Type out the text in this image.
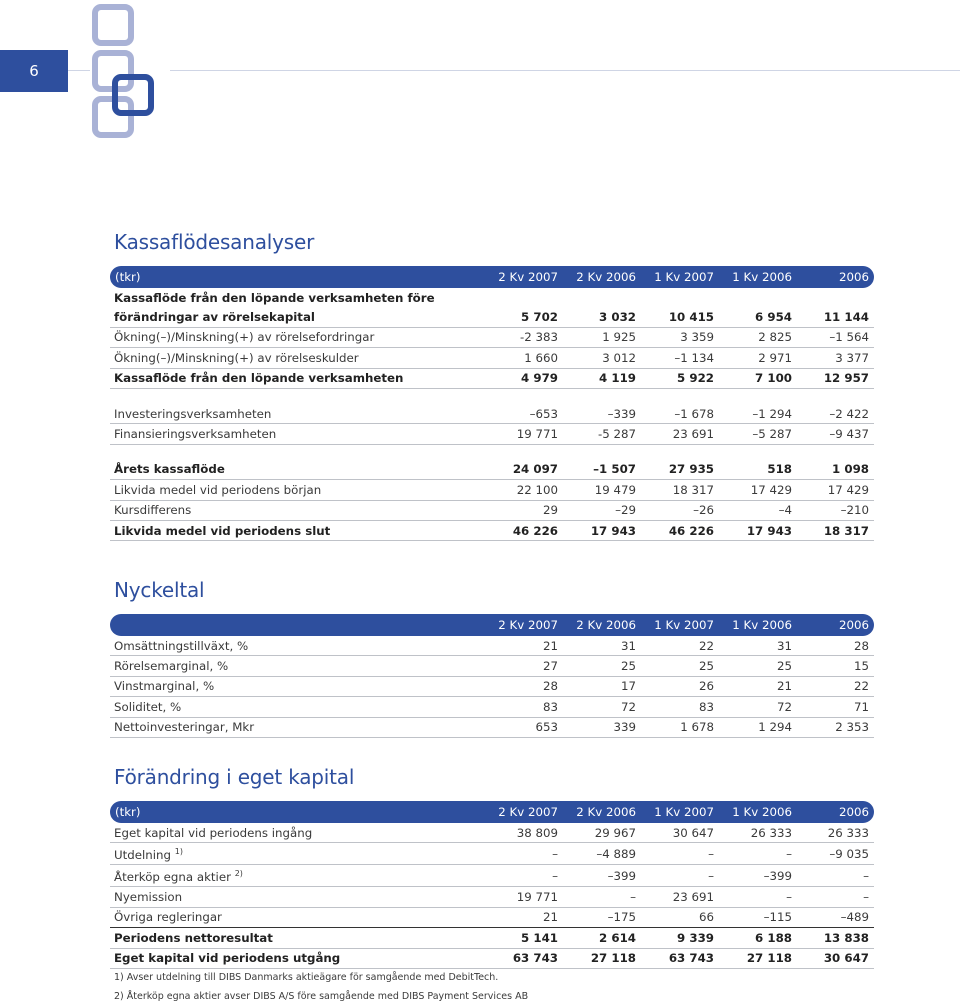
6
Kassaflödesanalyser
(tkr)	2 Kv 2007	2 Kv 2006	1 Kv 2007	1 Kv 2006	2006
Kassaflöde från den löpande verksamheten före					
förändringar av rörelsekapital	5 702	3 032	10 415	6 954	11 144
Ökning(–)/Minskning(+) av rörelsefordringar	-2 383	1 925	3 359	2 825	–1 564
Ökning(–)/Minskning(+) av rörelseskulder	1 660	3 012	–1 134	2 971	3 377
Kassaflöde från den löpande verksamheten	4 979	4 119	5 922	7 100	12 957

Investeringsverksamheten	–653	–339	–1 678	–1 294	–2 422
Finansieringsverksamheten	19 771	-5 287	23 691	–5 287	–9 437

Årets kassaflöde	24 097	–1 507	27 935	518	1 098
Likvida medel vid periodens början	22 100	19 479	18 317	17 429	17 429
Kursdifferens	29	–29	–26	–4	–210
Likvida medel vid periodens slut	46 226	17 943	46 226	17 943	18 317
Nyckeltal
	2 Kv 2007	2 Kv 2006	1 Kv 2007	1 Kv 2006	2006
Omsättningstillväxt, %	21	31	22	31	28
Rörelsemarginal, %	27	25	25	25	15
Vinstmarginal, %	28	17	26	21	22
Soliditet, %	83	72	83	72	71
Nettoinvesteringar, Mkr	653	339	1 678	1 294	2 353
Förändring i eget kapital
(tkr)	2 Kv 2007	2 Kv 2006	1 Kv 2007	1 Kv 2006	2006
Eget kapital vid periodens ingång	38 809	29 967	30 647	26 333	26 333
Utdelning $^{1)}$	–	–4 889	–	–	–9 035
Återköp egna aktier $^{2)}$	–	–399	–	–399	–
Nyemission	19 771	–	23 691	–	–
Övriga regleringar	21	–175	66	–115	–489
Periodens nettoresultat	5 141	2 614	9 339	6 188	13 838
Eget kapital vid periodens utgång	63 743	27 118	63 743	27 118	30 647

1) Avser utdelning till DIBS Danmarks aktieägare för samgående med DebitTech.

2) Återköp egna aktier avser DIBS A/S före samgående med DIBS Payment Services AB
